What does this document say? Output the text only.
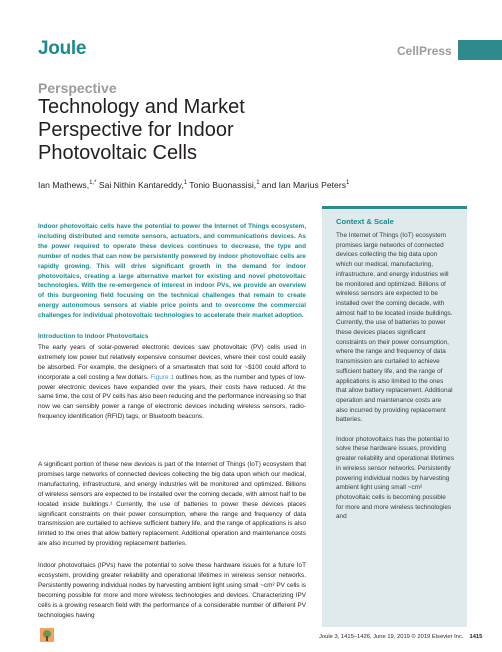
Joule	CellPress
Perspective
Technology and Market Perspective for Indoor Photovoltaic Cells
Ian Mathews,$^{1,*}$ Sai Nithin Kantareddy,$^1$ Tonio Buonassisi,$^1$ and Ian Marius Peters$^1$
Indoor photovoltaic cells have the potential to power the Internet of Things ecosystem, including distributed and remote sensors, actuators, and communications devices. As the power required to operate these devices continues to decrease, the type and number of nodes that can now be persistently powered by indoor photovoltaic cells are rapidly growing. This will drive significant growth in the demand for indoor photovoltaics, creating a large alternative market for existing and novel photovoltaic technologies. With the re-emergence of interest in indoor PVs, we provide an overview of this burgeoning field focusing on the technical challenges that remain to create energy autonomous sensors at viable price points and to overcome the commercial challenges for individual photovoltaic technologies to accelerate their market adoption.
Introduction to Indoor Photovoltaics

The early years of solar-powered electronic devices saw photovoltaic (PV) cells used in extremely low power but relatively expensive consumer devices, where their cost could easily be absorbed. For example, the designers of a smartwatch that sold for ~$100 could afford to incorporate a cell costing a few dollars. Figure 1 outlines how, as the number and types of low-power electronic devices have expanded over the years, their costs have reduced. At the same time, the cost of PV cells has also been reducing and the performance increasing so that now we can sensibly power a range of electronic devices including wireless sensors, radio-frequency identification (RFID) tags, or Bluetooth beacons.

A significant portion of these new devices is part of the Internet of Things (IoT) ecosystem that promises large networks of connected devices collecting the big data upon which our medical, manufacturing, infrastructure, and energy industries will be monitored and optimized. Billions of wireless sensors are expected to be installed over the coming decade, with almost half to be located inside buildings.¹ Currently, the use of batteries to power these devices places significant constraints on their power consumption, where the range and frequency of data transmission are curtailed to achieve sufficient battery life, and the range of applications is also limited to the ones that allow battery replacement. Additional operation and maintenance costs are also incurred by providing replacement batteries.
Indoor photovoltaics (IPVs) have the potential to solve these hardware issues for a future IoT ecosystem, providing greater reliability and operational lifetimes in wireless sensor networks. Persistently powering individual nodes by harvesting ambient light using small ~cm² PV cells is becoming possible for more and more wireless technologies and devices. Characterizing IPV cells is a growing research field with the performance of a considerable number of different PV technologies having
Context & Scale

The Internet of Things (IoT) ecosystem promises large networks of connected devices collecting the big data upon which our medical, manufacturing, infrastructure, and energy industries will be monitored and optimized. Billions of wireless sensors are expected to be installed over the coming decade, with almost half to be located inside buildings. Currently, the use of batteries to power these devices places significant constraints on their power consumption, where the range and frequency of data transmission are curtailed to achieve sufficient battery life, and the range of applications is also limited to the ones that allow battery replacement. Additional operation and maintenance costs are also incurred by providing replacement batteries.

Indoor photovoltaics has the potential to solve these hardware issues, providing greater reliability and operational lifetimes in wireless sensor networks. Persistently powering individual nodes by harvesting ambient light using small ~cm² photovoltaic cells is becoming possible for more and more wireless technologies and

Joule 3, 1415–1426, June 19, 2019 © 2019 Elsevier Inc. 1415
